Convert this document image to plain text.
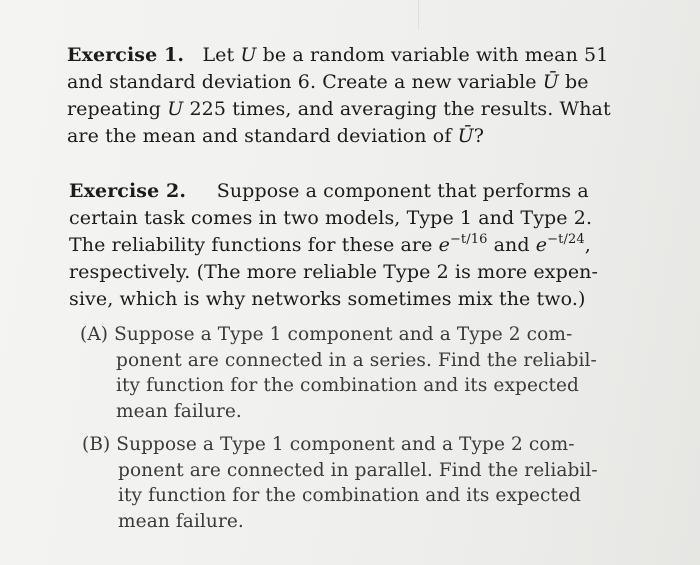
Exercise 1. Let U be a random variable with mean 51
and standard deviation 6. Create a new variable Ū be
repeating U 225 times, and averaging the results. What
are the mean and standard deviation of Ū?
Exercise 2. Suppose a component that performs a
certain task comes in two models, Type 1 and Type 2.
The reliability functions for these are $e^{-t/16}$ and $e^{-t/24}$,
respectively. (The more reliable Type 2 is more expen-
sive, which is why networks sometimes mix the two.)
(A) Suppose a Type 1 component and a Type 2 com-
ponent are connected in a series. Find the reliabil-
ity function for the combination and its expected
mean failure.
(B) Suppose a Type 1 component and a Type 2 com-
ponent are connected in parallel. Find the reliabil-
ity function for the combination and its expected
mean failure.
